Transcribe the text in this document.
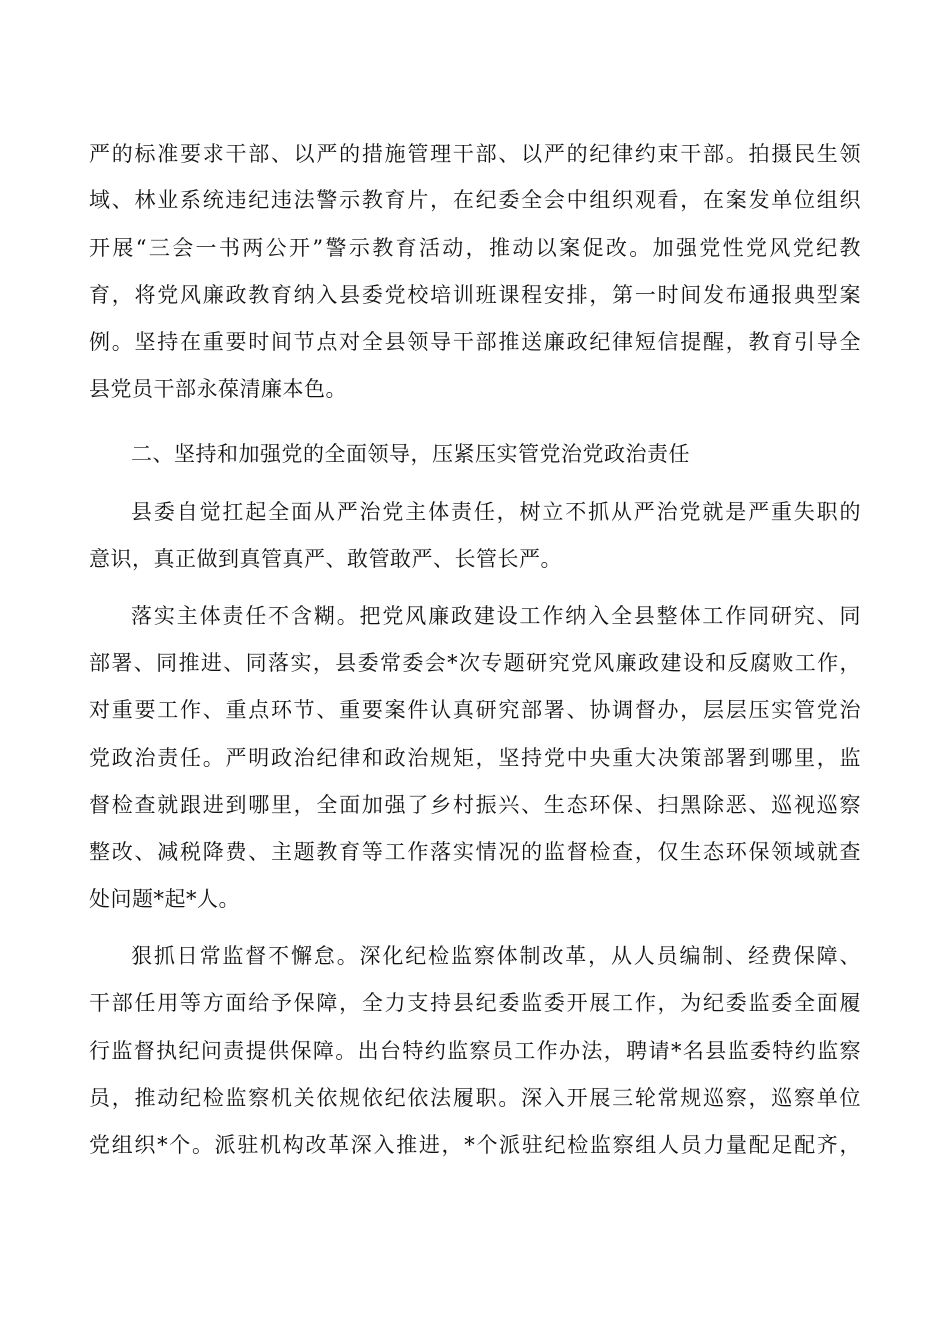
严的标准要求干部、以严的措施管理干部、以严的纪律约束干部。拍摄民生领

域、林业系统违纪违法警示教育片，在纪委全会中组织观看，在案发单位组织

开展“三会一书两公开”警示教育活动，推动以案促改。加强党性党风党纪教

育，将党风廉政教育纳入县委党校培训班课程安排，第一时间发布通报典型案

例。坚持在重要时间节点对全县领导干部推送廉政纪律短信提醒，教育引导全

县党员干部永葆清廉本色。

二、坚持和加强党的全面领导，压紧压实管党治党政治责任

县委自觉扛起全面从严治党主体责任，树立不抓从严治党就是严重失职的

意识，真正做到真管真严、敢管敢严、长管长严。

落实主体责任不含糊。把党风廉政建设工作纳入全县整体工作同研究、同

部署、同推进、同落实，县委常委会*次专题研究党风廉政建设和反腐败工作，

对重要工作、重点环节、重要案件认真研究部署、协调督办，层层压实管党治

党政治责任。严明政治纪律和政治规矩，坚持党中央重大决策部署到哪里，监

督检查就跟进到哪里，全面加强了乡村振兴、生态环保、扫黑除恶、巡视巡察

整改、减税降费、主题教育等工作落实情况的监督检查，仅生态环保领域就查

处问题*起*人。

狠抓日常监督不懈怠。深化纪检监察体制改革，从人员编制、经费保障、

干部任用等方面给予保障，全力支持县纪委监委开展工作，为纪委监委全面履

行监督执纪问责提供保障。出台特约监察员工作办法，聘请*名县监委特约监察

员，推动纪检监察机关依规依纪依法履职。深入开展三轮常规巡察，巡察单位

党组织*个。派驻机构改革深入推进，*个派驻纪检监察组人员力量配足配齐，
